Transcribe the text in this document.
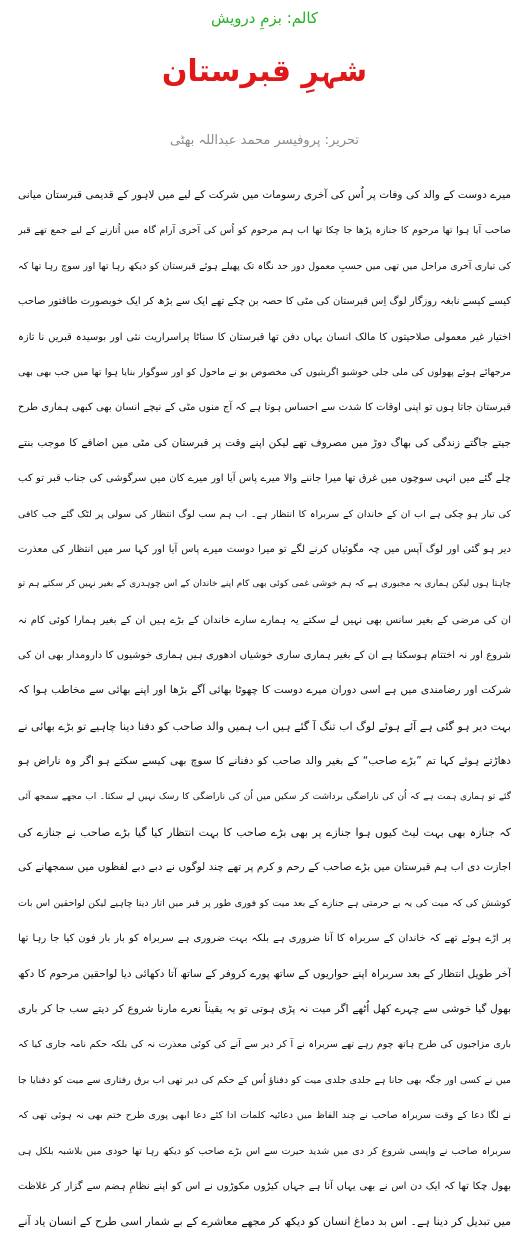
کالم: بزمِ درویش
شہرِ قبرستان
تحریر: پروفیسر محمد عبداللہ بھٹی
میرے دوست کے والد کی وفات پر اُس کی آخری رسومات میں شرکت کے لیے میں لاہور کے قدیمی قبرستان میانی
صاحب آیا ہوا تھا مرحوم کا جنازہ پڑھا جا چکا تھا اب ہم مرحوم کو اُس کی آخری آرام گاہ میں اُتارنے کے لیے جمع تھے قبر
کی تیاری آخری مراحل میں تھی میں حسبِ معمول دور حد نگاہ تک پھیلے ہوئے قبرستان کو دیکھ رہا تھا اور سوچ رہا تھا کہ
کیسے کیسے نابغہ روزگار لوگ اِس قبرستان کی مٹی کا حصہ بن چکے تھے ایک سے بڑھ کر ایک خوبصورت طاقتور صاحب
اختیار غیر معمولی صلاحیتوں کا مالک انسان یہاں دفن تھا قبرستان کا سناٹا پراسراریت نئی اور بوسیدہ قبریں نا تازہ
مرجھائے ہوئے پھولوں کی ملی جلی خوشبو اگربتیوں کی مخصوص بو نے ماحول کو اور سوگوار بنایا ہوا تھا میں جب بھی بھی
قبرستان جاتا ہوں تو اپنی اوقات کا شدت سے احساس ہوتا ہے کہ آج منوں مٹی کے نیچے انسان بھی کبھی ہماری طرح
جیتے جاگتے زندگی کی بھاگ دوڑ میں مصروف تھے لیکن اپنے وقت پر قبرستان کی مٹی میں اضافے کا موجب بنتے
چلے گئے میں انہی سوچوں میں غرق تھا میرا جاننے والا میرے پاس آیا اور میرے کان میں سرگوشی کی جناب قبر تو کب
کی تیار ہو چکی ہے اب ان کے خاندان کے سربراہ کا انتظار ہے۔ اب ہم سب لوگ انتظار کی سولی پر لٹک گئے جب کافی
دیر ہو گئی اور لوگ آپس میں چہ مگوئیاں کرنے لگے تو میرا دوست میرے پاس آیا اور کہا سر میں انتظار کی معذرت
چاہتا ہوں لیکن ہماری یہ مجبوری ہے کہ ہم خوشی غمی کوئی بھی کام اپنے خاندان کے اس چوہدری کے بغیر نہیں کر سکتے ہم تو
ان کی مرضی کے بغیر سانس بھی نہیں لے سکتے یہ ہمارے سارے خاندان کے بڑے ہیں ان کے بغیر ہمارا کوئی کام نہ
شروع اور نہ اختتام ہوسکتا ہے ان کے بغیر ہماری ساری خوشیاں ادھوری ہیں ہماری خوشیوں کا دارومدار بھی ان کی
شرکت اور رضامندی میں ہے اسی دوران میرے دوست کا چھوٹا بھائی آگے بڑھا اور اپنے بھائی سے مخاطب ہوا کہ
بہت دیر ہو گئی ہے آئے ہوئے لوگ اب تنگ آ گئے ہیں اب ہمیں والد صاحب کو دفنا دینا چاہیے تو بڑے بھائی نے
دھاڑتے ہوئے کہا تم ”بڑے صاحب“ کے بغیر والد صاحب کو دفنانے کا سوچ بھی کیسے سکتے ہو اگر وہ ناراض ہو
گئے تو ہماری ہمت ہے کہ اُن کی ناراضگی برداشت کر سکیں میں اُن کی ناراضگی کا رسک نہیں لے سکتا۔ اب مجھے سمجھ آئی
کہ جنازہ بھی بہت لیٹ کیوں ہوا جنازے پر بھی بڑے صاحب کا بہت انتظار کیا گیا بڑے صاحب نے جنازے کی
اجازت دی اب ہم قبرستان میں بڑے صاحب کے رحم و کرم پر تھے چند لوگوں نے دبے دبے لفظوں میں سمجھانے کی
کوشش کی کہ میت کی یہ بے حرمتی ہے جنازے کے بعد میت کو فوری طور پر قبر میں اتار دینا چاہیے لیکن لواحقین اس بات
پر اڑے ہوئے تھے کہ خاندان کے سربراہ کا آنا ضروری ہے بلکہ بہت ضروری ہے سربراہ کو بار بار فون کیا جا رہا تھا
آخر طویل انتظار کے بعد سربراہ اپنے حواریوں کے ساتھ پورے کروفر کے ساتھ آتا دکھائی دیا لواحقین مرحوم کا دکھ
بھول گیا خوشی سے چہرے کھل اُٹھے اگر میت نہ پڑی ہوتی تو یہ یقیناً نعرے مارنا شروع کر دیتے سب جا کر باری
باری مزاجیوں کی طرح ہاتھ چوم رہے تھے سربراہ نے آ کر دیر سے آنے کی کوئی معذرت نہ کی بلکہ حکم نامہ جاری کیا کہ
میں نے کسی اور جگہ بھی جانا ہے جلدی جلدی میت کو دفناؤ اُس کے حکم کی دیر تھی اب برق رفتاری سے میت کو دفنایا جا
نے لگا دعا کے وقت سربراہ صاحب نے چند الفاظ میں دعائیہ کلمات ادا کئے دعا ابھی پوری طرح ختم بھی نہ ہوئی تھی کہ
سربراہ صاحب نے واپسی شروع کر دی میں شدید حیرت سے اس بڑے صاحب کو دیکھ رہا تھا خودی میں بلاشبہ بلکل ہی
بھول چکا تھا کہ ایک دن اس نے بھی یہاں آنا ہے جہاں کیڑوں مکوڑوں نے اس کو اپنے نظامِ ہضم سے گزار کر غلاظت
میں تبدیل کر دینا ہے۔ اس بد دماغ انسان کو دیکھ کر مجھے معاشرے کے بے شمار اسی طرح کے انسان یاد آنے
